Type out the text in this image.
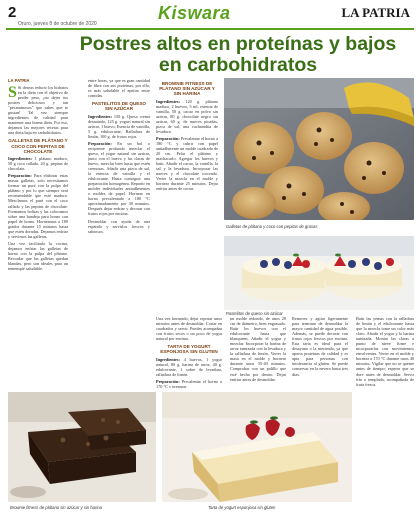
2	Kiswara	LA PATRIA
Oruro, jueves 8 de octubre de 2020
Postres altos en proteínas y bajos en carbohidratos
LA PATRIA

S Si deseas reducir los hidratos en la dieta con el objetivo de perder peso, ¡no dejes tus postres deliciosos y tan "pecaminosos" que sabes que te gustan! Tal vez siempre ingredientes de calidad para mantener una buena dieta. Por eso, dejamos las mejores recetas para una dieta baja en carbohidratos.

GALLETAS DE PLÁTANO Y COCO CON PEPITAS DE CHOCOLATE

Ingredientes: 1 plátano maduro, 50 g coco rallado, 20 g. pepitas de chocolate.

Preparación: Para elaborar estas masas galletas, solo necesitamos formar un puré con la pulpa del plátano y por lo que siempre será recomendable que esté maduro. Mezclamos el puré con el coco rallado y las pepitas de chocolate. Formamos bolitas y las colocamos sobre una bandeja para horno con papel de horno. Horneamos a 180 grados durante 15 minutos hasta que estén doradas. Dejamos enfriar y servimos las galletas.

Una vez facilitada la cocina, dejamos enfriar las galletas de horno con la pulpa del plátano. Recordar que las galletas quedan blandas, pero son ideales para un tentempié saludable.

entre horas, ya que es gran cantidad de fibra con sus proteínas, por ello, es más saludable el apetito entre comidas.

PASTELITOS DE QUESO SIN AZÚCAR

Ingredientes: 150 g. Queso crema desnatado, 125 g. yogurt natural sin azúcar, 1 huevo, Esencia de vainilla, 5 g. edulcorante, Ralladura de limón, 100 g. de frutos rojos.

Preparación: En un bol o recipiente profundo mezclar el queso, el yogur natural sin azúcar, junto con el huevo y las claras de huevo, mezclar bien hasta que estén cremosas. Añadir una pizca de sal, la esencia de vainilla y el edulcorante. Hasta conseguir una preparación homogénea. Repartir en moldes individuales antiadherentes o moldes de papel. Hornear en horno precalentado a 180 °C aproximadamente por 30 minutos. Después dejar enfriar y decorar con frutos rojos por encima.

Desmoldar con ayuda de una espátula y servirlos frescos y sabrosos.

BROWNIE FITNESS DE PLÁTANO SIN AZÚCAR Y SIN HARINA

Ingredientes: 120 g. plátano maduro, 2 huevos, 5 ml. esencia de vainilla, 50 g. cacao en polvo sin azúcar, 80 g. chocolate negro sin azúcar, 60 g. de nueces picadas, pizca de sal, una cucharadita de levadura.

Preparación: Precalentar el horno a 180 °C y cubrir con papel antiadherente un molde cuadrado de 20 cm. Pelar el plátano y machacarlo. Agregar los huevos y batir. Añadir el cacao, la vainilla, la sal y la levadura. Incorporar las nueces y el chocolate troceado. Verter la mezcla en el molde y hornear durante 25 minutos. Dejar enfriar antes de cortar.

Una vez horneado, dejar reposar unos minutos antes de desmoldar. Cortar en cuadrados y servir. Puedes acompañar con frutos secos o un poco de yogur natural por encima.

TARTA DE YOGURT ESPONJOSA SIN GLUTEN

Ingredientes: 4 huevos, 1 yogur natural, 80 g. harina de arroz, 40 g. edulcorante, 1 sobre de levadura, ralladura de limón.

Preparación: Precalentar el horno a 170 °C y preparar

un molde redondo, de unos 20 cm de diámetro, bien engrasado. Batir los huevos con el edulcorante hasta que blanqueen. Añadir el yogur y mezclar. Incorporar la harina de arroz tamizada con la levadura y la ralladura de limón. Verter la masa en el molde y hornear durante unos 35-40 minutos. Comprobar con un palillo que esté hecha por dentro. Dejar enfriar antes de desmoldar.

Remover y agitar ligeramente para terminar de desmoldar la mayor cantidad de agua posible. Además, se puede decorar con frutos rojos frescos por encima. Esta tarta es ideal para el desayuno o la merienda, ya que aporta proteínas de calidad y es apta para personas con intolerancia al gluten. Se puede conservar en la nevera hasta tres días.

Batir las yemas con la ralladura de limón y el edulcorante hasta que la mezcla tome un color más claro. Añadir el yogur y la harina tamizada. Montar las claras a punto de nieve firme e incorporarlas con movimientos envolventes. Verter en el molde y hornear a 170 °C durante unos 40 minutos. Vigilar que no se queme antes de tiempo; esperar que se dore antes de desmoldar. Servir fría o templada, acompañada de fruta fresca.

Galletas de plátano y coco con pepitas de grasas
Pastelitos de queso sin azúcar
Brownie fitness de plátano sin azúcar y sin harina	Tarta de yogurt esponjosa sin gluten
